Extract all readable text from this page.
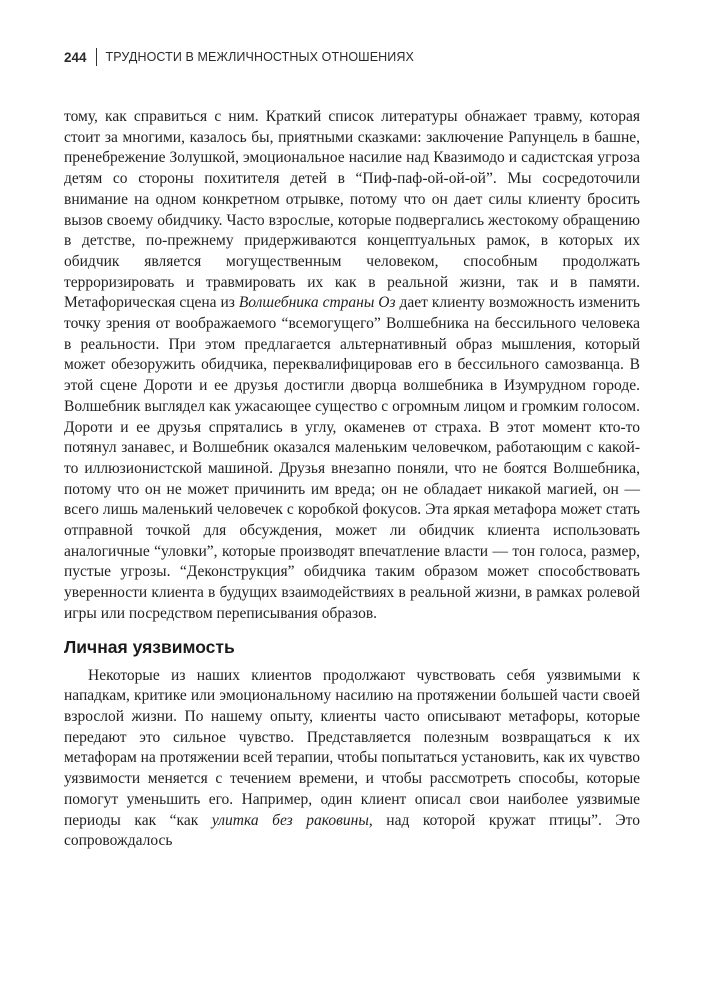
244 ТРУДНОСТИ В МЕЖЛИЧНОСТНЫХ ОТНОШЕНИЯХ

тому, как справиться с ним. Краткий список литературы обнажает травму, которая стоит за многими, казалось бы, приятными сказками: заключение Рапунцель в башне, пренебрежение Золушкой, эмоциональное насилие над Квазимодо и садистская угроза детям со стороны похитителя детей в “Пиф-паф-ой-ой-ой”. Мы сосредоточили внимание на одном конкретном отрывке, потому что он дает силы клиенту бросить вызов своему обидчику. Часто взрослые, которые подвергались жестокому обращению в детстве, по-прежнему придерживаются концептуальных рамок, в которых их обидчик является могущественным человеком, способным продолжать терроризировать и травмировать их как в реальной жизни, так и в памяти. Метафорическая сцена из Волшебника страны Оз дает клиенту возможность изменить точку зрения от воображаемого “всемогущего” Волшебника на бессильного человека в реальности. При этом предлагается альтернативный образ мышления, который может обезоружить обидчика, переквалифицировав его в бессильного самозванца. В этой сцене Дороти и ее друзья достигли дворца волшебника в Изумрудном городе. Волшебник выглядел как ужасающее существо с огромным лицом и громким голосом. Дороти и ее друзья спрятались в углу, окаменев от страха. В этот момент кто-то потянул занавес, и Волшебник оказался маленьким человечком, работающим с какой-то иллюзионистской машиной. Друзья внезапно поняли, что не боятся Волшебника, потому что он не может причинить им вреда; он не обладает никакой магией, он — всего лишь маленький человечек с коробкой фокусов. Эта яркая метафора может стать отправной точкой для обсуждения, может ли обидчик клиента использовать аналогичные “уловки”, которые производят впечатление власти — тон голоса, размер, пустые угрозы. “Деконструкция” обидчика таким образом может способствовать уверенности клиента в будущих взаимодействиях в реальной жизни, в рамках ролевой игры или посредством переписывания образов.

Личная уязвимость

Некоторые из наших клиентов продолжают чувствовать себя уязвимыми к нападкам, критике или эмоциональному насилию на протяжении большей части своей взрослой жизни. По нашему опыту, клиенты часто описывают метафоры, которые передают это сильное чувство. Представляется полезным возвращаться к их метафорам на протяжении всей терапии, чтобы попытаться установить, как их чувство уязвимости меняется с течением времени, и чтобы рассмотреть способы, которые помогут уменьшить его. Например, один клиент описал свои наиболее уязвимые периоды как “как улитка без раковины, над которой кружат птицы”. Это сопровождалось
